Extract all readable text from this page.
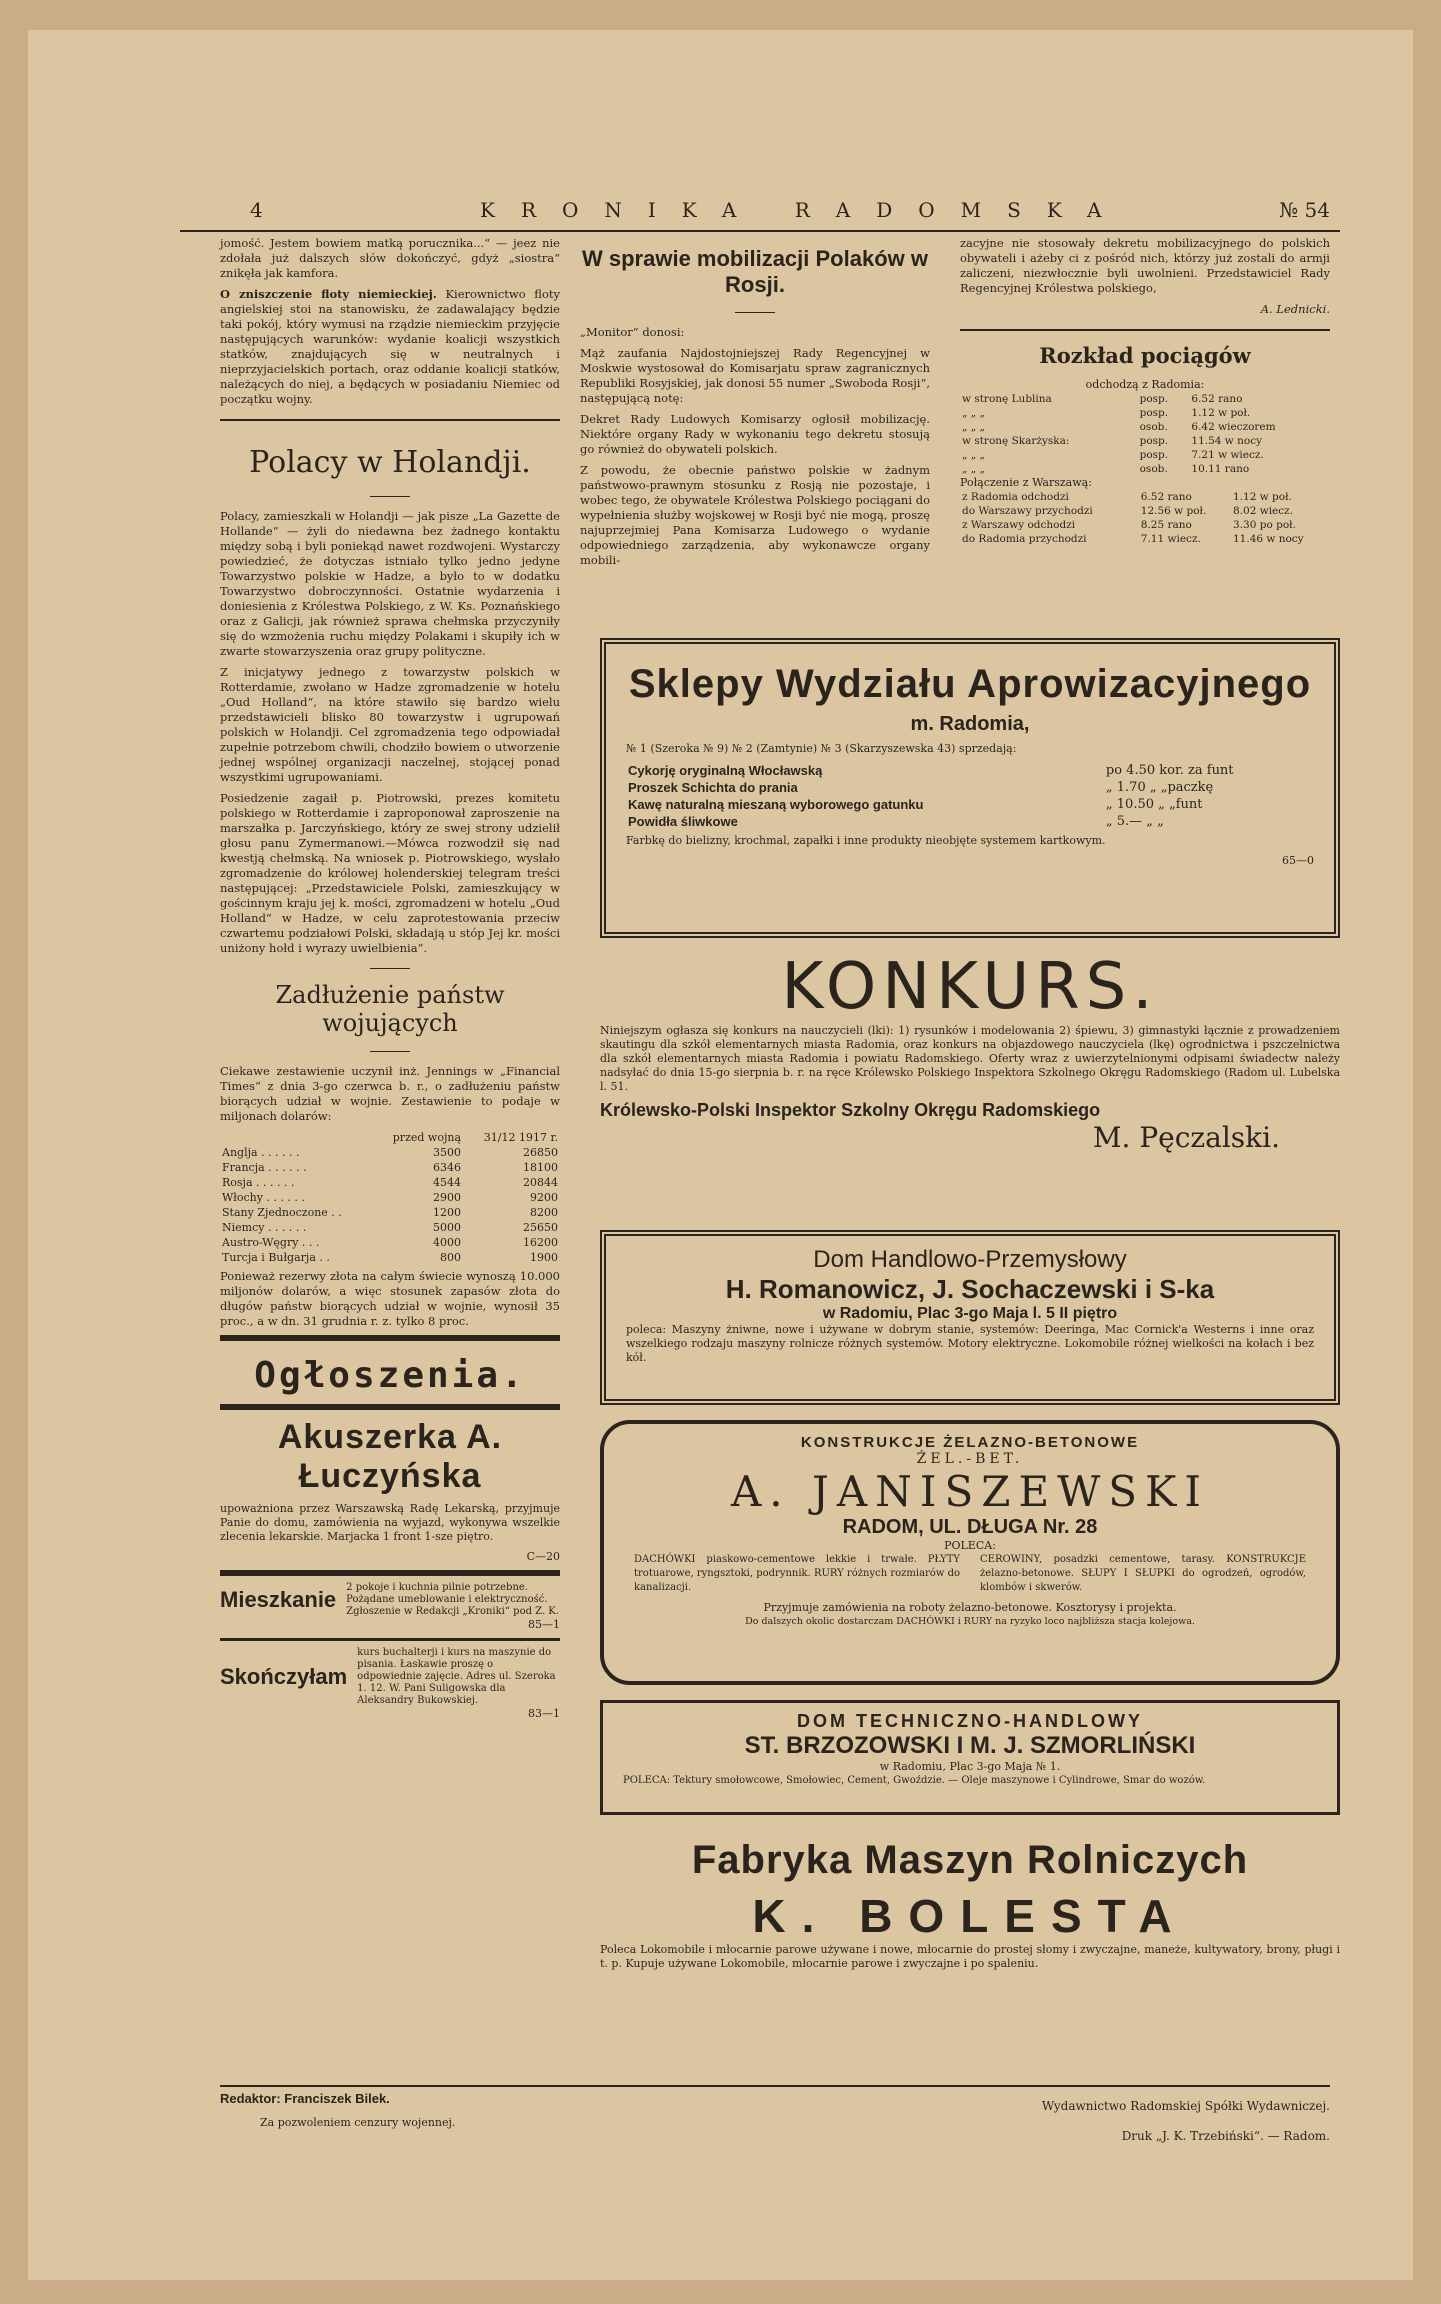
4	KRONIKA RADOMSKA	№ 54

jomość. Jestem bowiem matką porucznika...“ — jeez nie zdołała już dalszych słów dokończyć, gdyż „siostra“ znikęła jak kamfora.

O zniszczenie floty niemieckiej. Kierownictwo floty angielskiej stoi na stanowisku, że zadawalający będzie taki pokój, który wymusi na rządzie niemieckim przyjęcie następujących warunków: wydanie koalicji wszystkich statków, znajdujących się w neutralnych i nieprzyjacielskich portach, oraz oddanie koalicji statków, należących do niej, a będących w posiadaniu Niemiec od początku wojny.

Polacy w Holandji.

Polacy, zamieszkali w Holandji — jak pisze „La Gazette de Hollande“ — żyli do niedawna bez żadnego kontaktu między sobą i byli poniekąd nawet rozdwojeni. Wystarczy powiedzieć, że dotyczas istniało tylko jedno jedyne Towarzystwo polskie w Hadze, a było to w dodatku Towarzystwo dobroczynności. Ostatnie wydarzenia i doniesienia z Królestwa Polskiego, z W. Ks. Poznańskiego oraz z Galicji, jak również sprawa chełmska przyczyniły się do wzmożenia ruchu między Polakami i skupiły ich w zwarte stowarzyszenia oraz grupy polityczne.

Z inicjatywy jednego z towarzystw polskich w Rotterdamie, zwołano w Hadze zgromadzenie w hotelu „Oud Holland“, na które stawiło się bardzo wielu przedstawicieli blisko 80 towarzystw i ugrupowań polskich w Holandji. Cel zgromadzenia tego odpowiadał zupełnie potrzebom chwili, chodziło bowiem o utworzenie jednej wspólnej organizacji naczelnej, stojącej ponad wszystkimi ugrupowaniami.

Posiedzenie zagaił p. Piotrowski, prezes komitetu polskiego w Rotterdamie i zaproponował zaproszenie na marszałka p. Jarczyńskiego, który ze swej strony udzielił głosu panu Zymermanowi.—Mówca rozwodził się nad kwestją chełmską. Na wniosek p. Piotrowskiego, wysłało zgromadzenie do królowej holenderskiej telegram treści następującej: „Przedstawiciele Polski, zamieszkujący w gościnnym kraju jej k. mości, zgromadzeni w hotelu „Oud Holland“ w Hadze, w celu zaprotestowania przeciw czwartemu podziałowi Polski, składają u stóp Jej kr. mości uniżony hołd i wyrazy uwielbienia“.

Zadłużenie państw wojujących

Ciekawe zestawienie uczynił inż. Jennings w „Financial Times“ z dnia 3-go czerwca b. r., o zadłużeniu państw biorących udział w wojnie. Zestawienie to podaje w miljonach dolarów:

	przed wojną	31/12 1917 r.
Anglja . . . . . .	3500	26850
Francja . . . . . .	6346	18100
Rosja . . . . . .	4544	20844
Włochy . . . . . .	2900	9200
Stany Zjednoczone . .	1200	8200
Niemcy . . . . . .	5000	25650
Austro-Węgry . . .	4000	16200
Turcja i Bułgarja . .	800	1900

Ponieważ rezerwy złota na całym świecie wynoszą 10.000 miljonów dolarów, a więc stosunek zapasów złota do długów państw biorących udział w wojnie, wynosił 35 proc., a w dn. 31 grudnia r. z. tylko 8 proc.

Ogłoszenia.
Akuszerka A. Łuczyńska

upoważniona przez Warszawską Radę Lekarską, przyjmuje Panie do domu, zamówienia na wyjazd, wykonywa wszelkie zlecenia lekarskie. Marjacka 1 front 1-sze piętro.

C—20

Mieszkanie 2 pokoje i kuchnia pilnie potrzebne. Pożądane umeblowanie i elektryczność. Zgłoszenie w Redakcji „Kroniki“ pod Z. K.

85—1

Skończyłam
kurs buchalterji i kurs na maszynie do pisania. Łaskawie proszę o odpowiednie zajęcie. Adres ul. Szeroka 1. 12. W. Pani Suligowska dla Aleksandry Bukowskiej.

83—1

W sprawie mobilizacji Polaków w Rosji.

„Monitor“ donosi:

Mąż zaufania Najdostojniejszej Rady Regencyjnej w Moskwie wystosował do Komisarjatu spraw zagranicznych Republiki Rosyjskiej, jak donosi 55 numer „Swoboda Rosji“, następującą notę:

Dekret Rady Ludowych Komisarzy ogłosił mobilizację. Niektóre organy Rady w wykonaniu tego dekretu stosują go również do obywateli polskich.

Z powodu, że obecnie państwo polskie w żadnym państwowo-prawnym stosunku z Rosją nie pozostaje, i wobec tego, że obywatele Królestwa Polskiego pociągani do wypełnienia służby wojskowej w Rosji być nie mogą, proszę najuprzejmiej Pana Komisarza Ludowego o wydanie odpowiedniego zarządzenia, aby wykonawcze organy mobili-

zacyjne nie stosowały dekretu mobilizacyjnego do polskich obywateli i ażeby ci z pośród nich, którzy już zostali do armji zaliczeni, niezwłocznie byli uwolnieni. Przedstawiciel Rady Regencyjnej Królestwa polskiego,

A. Lednicki.

Rozkład pociągów
odchodzą z Radomia:
w stronę Lublina	posp.	6.52 rano
„ „ „	posp.	1.12 w poł.
„ „ „	osob.	6.42 wieczorem
w stronę Skarżyska:	posp.	11.54 w nocy
„ „ „	posp.	7.21 w wiecz.
„ „ „	osob.	10.11 rano
Połączenie z Warszawą:
z Radomia odchodzi	6.52 rano	1.12 w poł.
do Warszawy przychodzi	12.56 w poł.	8.02 wiecz.
z Warszawy odchodzi	8.25 rano	3.30 po poł.
do Radomia przychodzi	7.11 wiecz.	11.46 w nocy
Sklepy Wydziału Aprowizacyjnego
m. Radomia,

№ 1 (Szeroka № 9) № 2 (Zamtynie) № 3 (Skarzyszewska 43) sprzedają:

Cykorję oryginalną Włocławską	po 4.50 kor. za funt
Proszek Schichta do prania	„ 1.70 „ „paczkę
Kawę naturalną mieszaną wyborowego gatunku	„ 10.50 „ „funt
Powidła śliwkowe	„ 5.— „ „

Farbkę do bielizny, krochmal, zapałki i inne produkty nieobjęte systemem kartkowym.

65—0

KONKURS.

Niniejszym ogłasza się konkurs na nauczycieli (lki): 1) rysunków i modelowania 2) śpiewu, 3) gimnastyki łącznie z prowadzeniem skautingu dla szkół elementarnych miasta Radomia, oraz konkurs na objazdowego nauczyciela (lkę) ogrodnictwa i pszczelnictwa dla szkół elementarnych miasta Radomia i powiatu Radomskiego. Oferty wraz z uwierzytelnionymi odpisami świadectw należy nadsyłać do dnia 15-go sierpnia b. r. na ręce Królewsko Polskiego Inspektora Szkolnego Okręgu Radomskiego (Radom ul. Lubelska l. 51.

Królewsko-Polski Inspektor Szkolny Okręgu Radomskiego
M. Pęczalski.
Dom Handlowo-Przemysłowy
H. Romanowicz, J. Sochaczewski i S-ka
w Radomiu, Plac 3-go Maja l. 5 II piętro

poleca: Maszyny żniwne, nowe i używane w dobrym stanie, systemów: Deeringa, Mac Cornick'a Westerns i inne oraz wszelkiego rodzaju maszyny rolnicze różnych systemów. Motory elektryczne. Lokomobile różnej wielkości na kołach i bez kół.

KONSTRUKCJE ŻELAZNO-BETONOWE
ŻEL.-BET.
A. JANISZEWSKI
RADOM, UL. DŁUGA Nr. 28
POLECA:

DACHÓWKI piaskowo-cementowe lekkie i trwałe. PŁYTY trotuarowe, ryngsztoki, podrynnik. RURY różnych rozmiarów do kanalizacji.

CEROWINY, posadzki cementowe, tarasy. KONSTRUKCJE żelazno-betonowe. SŁUPY I SŁUPKI do ogrodzeń, ogrodów, klombów i skwerów.

Przyjmuje zamówienia na roboty żelazno-betonowe. Kosztorysy i projekta.
Do dalszych okolic dostarczam DACHÓWKI i RURY na ryzyko loco najbliższa stacja kolejowa.
DOM TECHNICZNO-HANDLOWY
ST. BRZOZOWSKI I M. J. SZMORLIŃSKI
w Radomiu, Plac 3-go Maja № 1.
POLECA: Tektury smołowcowe, Smołowiec, Cement, Gwoździe. — Oleje maszynowe i Cylindrowe, Smar do wozów.
Fabryka Maszyn Rolniczych
K. BOLESTA

Poleca Lokomobile i młocarnie parowe używane i nowe, młocarnie do prostej słomy i zwyczajne, maneże, kultywatory, brony, pługi i t. p. Kupuje używane Lokomobile, młocarnie parowe i zwyczajne i po spaleniu.

Redaktor: Franciszek Bilek.
Za pozwoleniem cenzury wojennej.
Wydawnictwo Radomskiej Spółki Wydawniczej.
Druk „J. K. Trzebiński“. — Radom.
